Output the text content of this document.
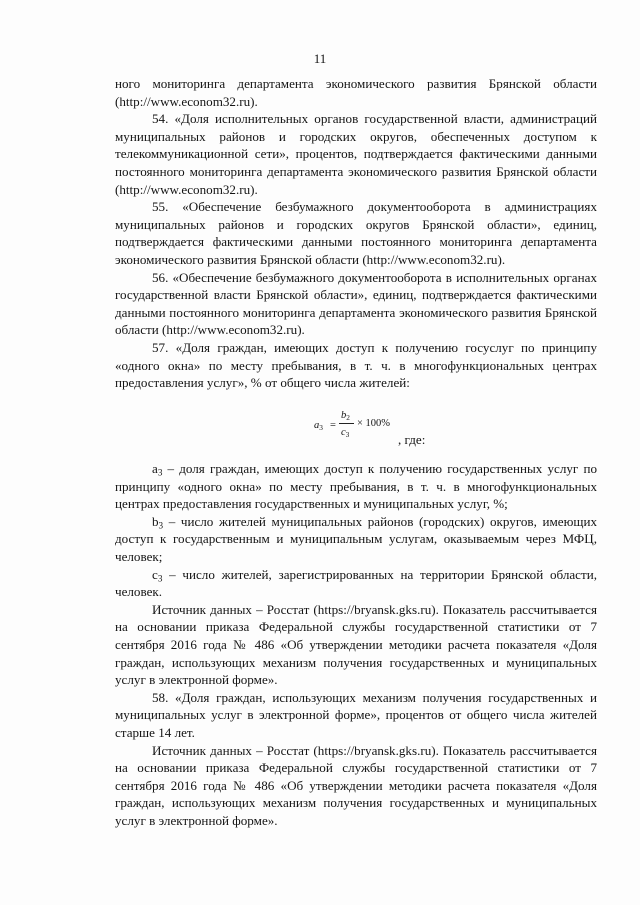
11

ного мониторинга департамента экономического развития Брянской области (http://www.econom32.ru).

54. «Доля исполнительных органов государственной власти, администраций муниципальных районов и городских округов, обеспеченных доступом к телекоммуникационной сети», процентов, подтверждается фактическими данными постоянного мониторинга департамента экономического развития Брянской области (http://www.econom32.ru).

55. «Обеспечение безбумажного документооборота в администрациях муниципальных районов и городских округов Брянской области», единиц, подтверждается фактическими данными постоянного мониторинга департамента экономического развития Брянской области (http://www.econom32.ru).

56. «Обеспечение безбумажного документооборота в исполнительных органах государственной власти Брянской области», единиц, подтверждается фактическими данными постоянного мониторинга департамента экономического развития Брянской области (http://www.econom32.ru).

57. «Доля граждан, имеющих доступ к получению госуслуг по принципу «одного окна» по месту пребывания, в т. ч. в многофункциональных центрах предоставления услуг», % от общего числа жителей:

$a_3$ =
$b_2$
$c_3$
× 100%
, где:

$a_3$ – доля граждан, имеющих доступ к получению государственных услуг по принципу «одного окна» по месту пребывания, в т. ч. в многофункциональных центрах предоставления государственных и муниципальных услуг, %;

$b_3$ – число жителей муниципальных районов (городских) округов, имеющих доступ к государственным и муниципальным услугам, оказываемым через МФЦ, человек;

$c_3$ – число жителей, зарегистрированных на территории Брянской области, человек.

Источник данных – Росстат (https://bryansk.gks.ru). Показатель рассчитывается на основании приказа Федеральной службы государственной статистики от 7 сентября 2016 года № 486 «Об утверждении методики расчета показателя «Доля граждан, использующих механизм получения государственных и муниципальных услуг в электронной форме».

58. «Доля граждан, использующих механизм получения государственных и муниципальных услуг в электронной форме», процентов от общего числа жителей старше 14 лет.

Источник данных – Росстат (https://bryansk.gks.ru). Показатель рассчитывается на основании приказа Федеральной службы государственной статистики от 7 сентября 2016 года № 486 «Об утверждении методики расчета показателя «Доля граждан, использующих механизм получения государственных и муниципальных услуг в электронной форме».
